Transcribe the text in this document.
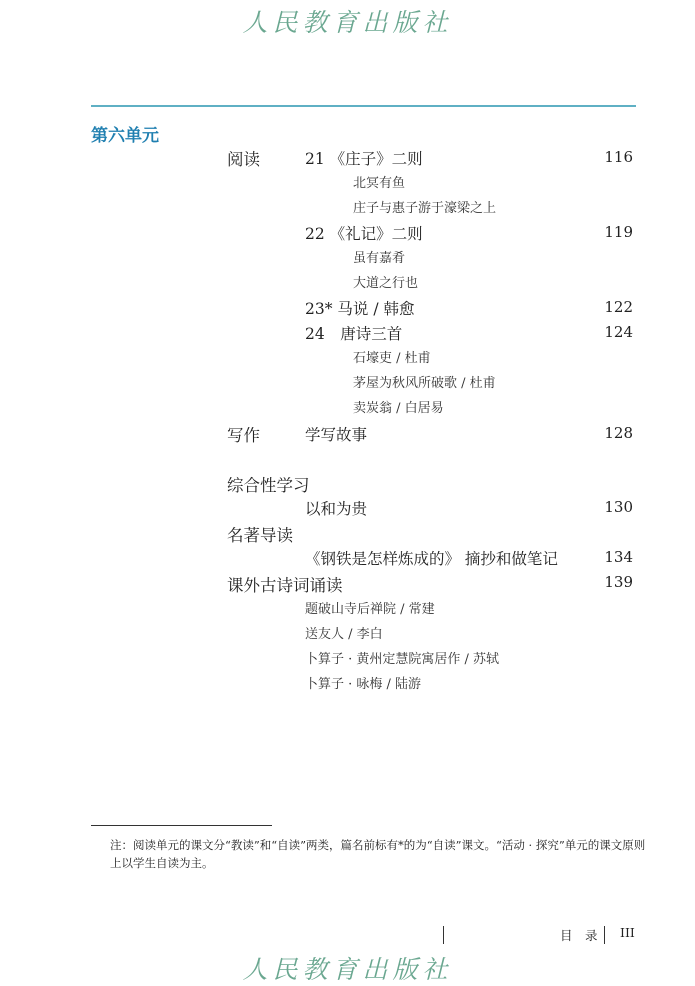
人民教育出版社
第六单元
阅读	21 《庄子》二则	116
北冥有鱼
庄子与惠子游于濠梁之上
22 《礼记》二则	119
虽有嘉肴
大道之行也
23* 马说 / 韩愈	122
24　唐诗三首	124
石壕吏 / 杜甫
茅屋为秋风所破歌 / 杜甫
卖炭翁 / 白居易
写作	学写故事	128
综合性学习
以和为贵	130
名著导读
《钢铁是怎样炼成的》 摘抄和做笔记	134
课外古诗词诵读	139
题破山寺后禅院 / 常建
送友人 / 李白
卜算子 · 黄州定慧院寓居作 / 苏轼
卜算子 · 咏梅 / 陆游
注：阅读单元的课文分“教读”和“自读”两类，篇名前标有*的为“自读”课文。“活动 · 探究”单元的课文原则上以学生自读为主。
目　录 III
人民教育出版社
